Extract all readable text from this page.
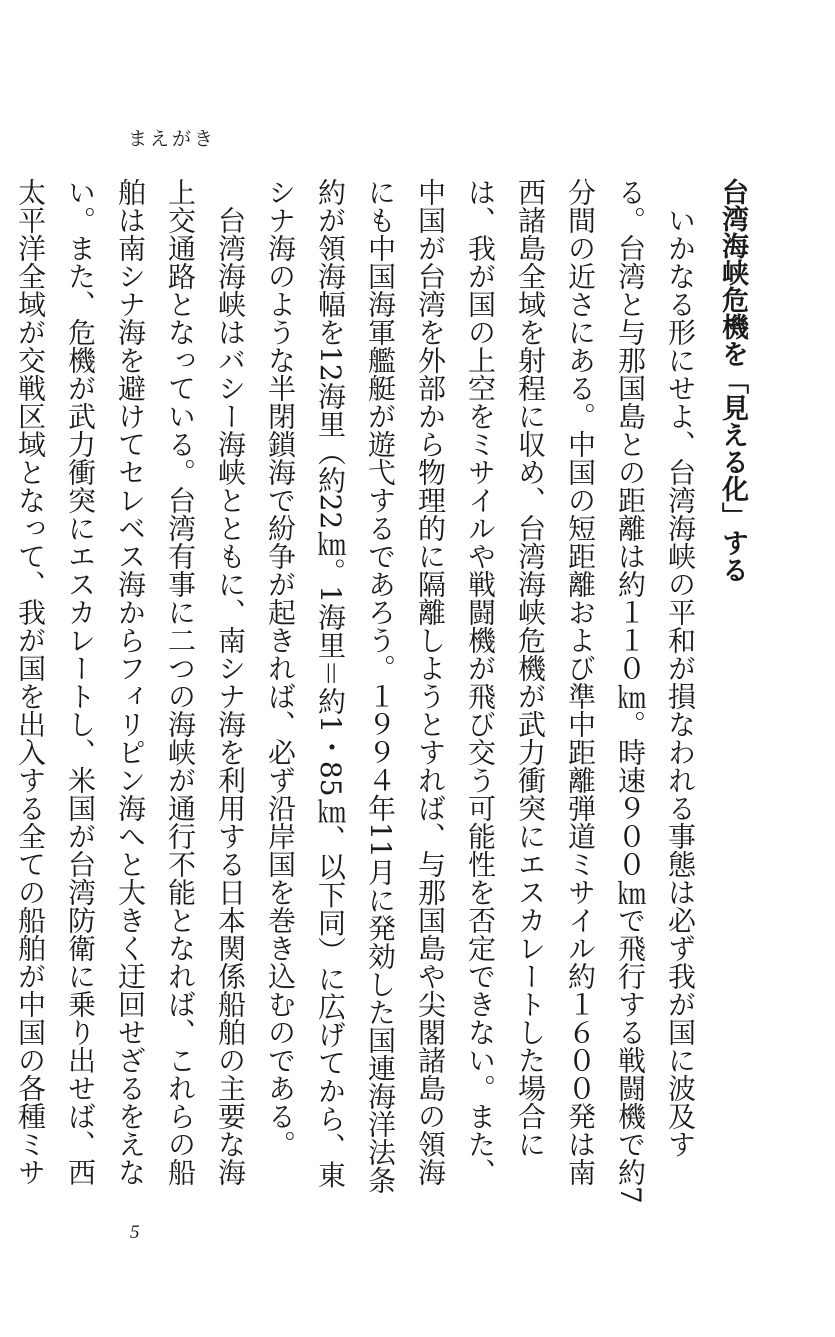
まえがき
台湾海峡危機を「見える化」する

いかなる形にせよ、台湾海峡の平和が損なわれる事態は必ず我が国に波及する。台湾と与那国島との距離は約１１０㎞。時速９００㎞で飛行する戦闘機で約7分間の近さにある。中国の短距離および準中距離弾道ミサイル約１６００発は南西諸島全域を射程に収め、台湾海峡危機が武力衝突にエスカレートした場合には、我が国の上空をミサイルや戦闘機が飛び交う可能性を否定できない。また、中国が台湾を外部から物理的に隔離しようとすれば、与那国島や尖閣諸島の領海にも中国海軍艦艇が遊弋するであろう。１９９４年11月に発効した国連海洋法条約が領海幅を12海里（約22㎞。1海里＝約1・85㎞、以下同）に広げてから、東シナ海のような半閉鎖海で紛争が起きれば、必ず沿岸国を巻き込むのである。

台湾海峡はバシー海峡とともに、南シナ海を利用する日本関係船舶の主要な海上交通路となっている。台湾有事に二つの海峡が通行不能となれば、これらの船舶は南シナ海を避けてセレベス海からフィリピン海へと大きく迂回せざるをえない。また、危機が武力衝突にエスカレートし、米国が台湾防衛に乗り出せば、西太平洋全域が交戦区域となって、我が国を出入する全ての船舶が中国の各種ミサ

5
